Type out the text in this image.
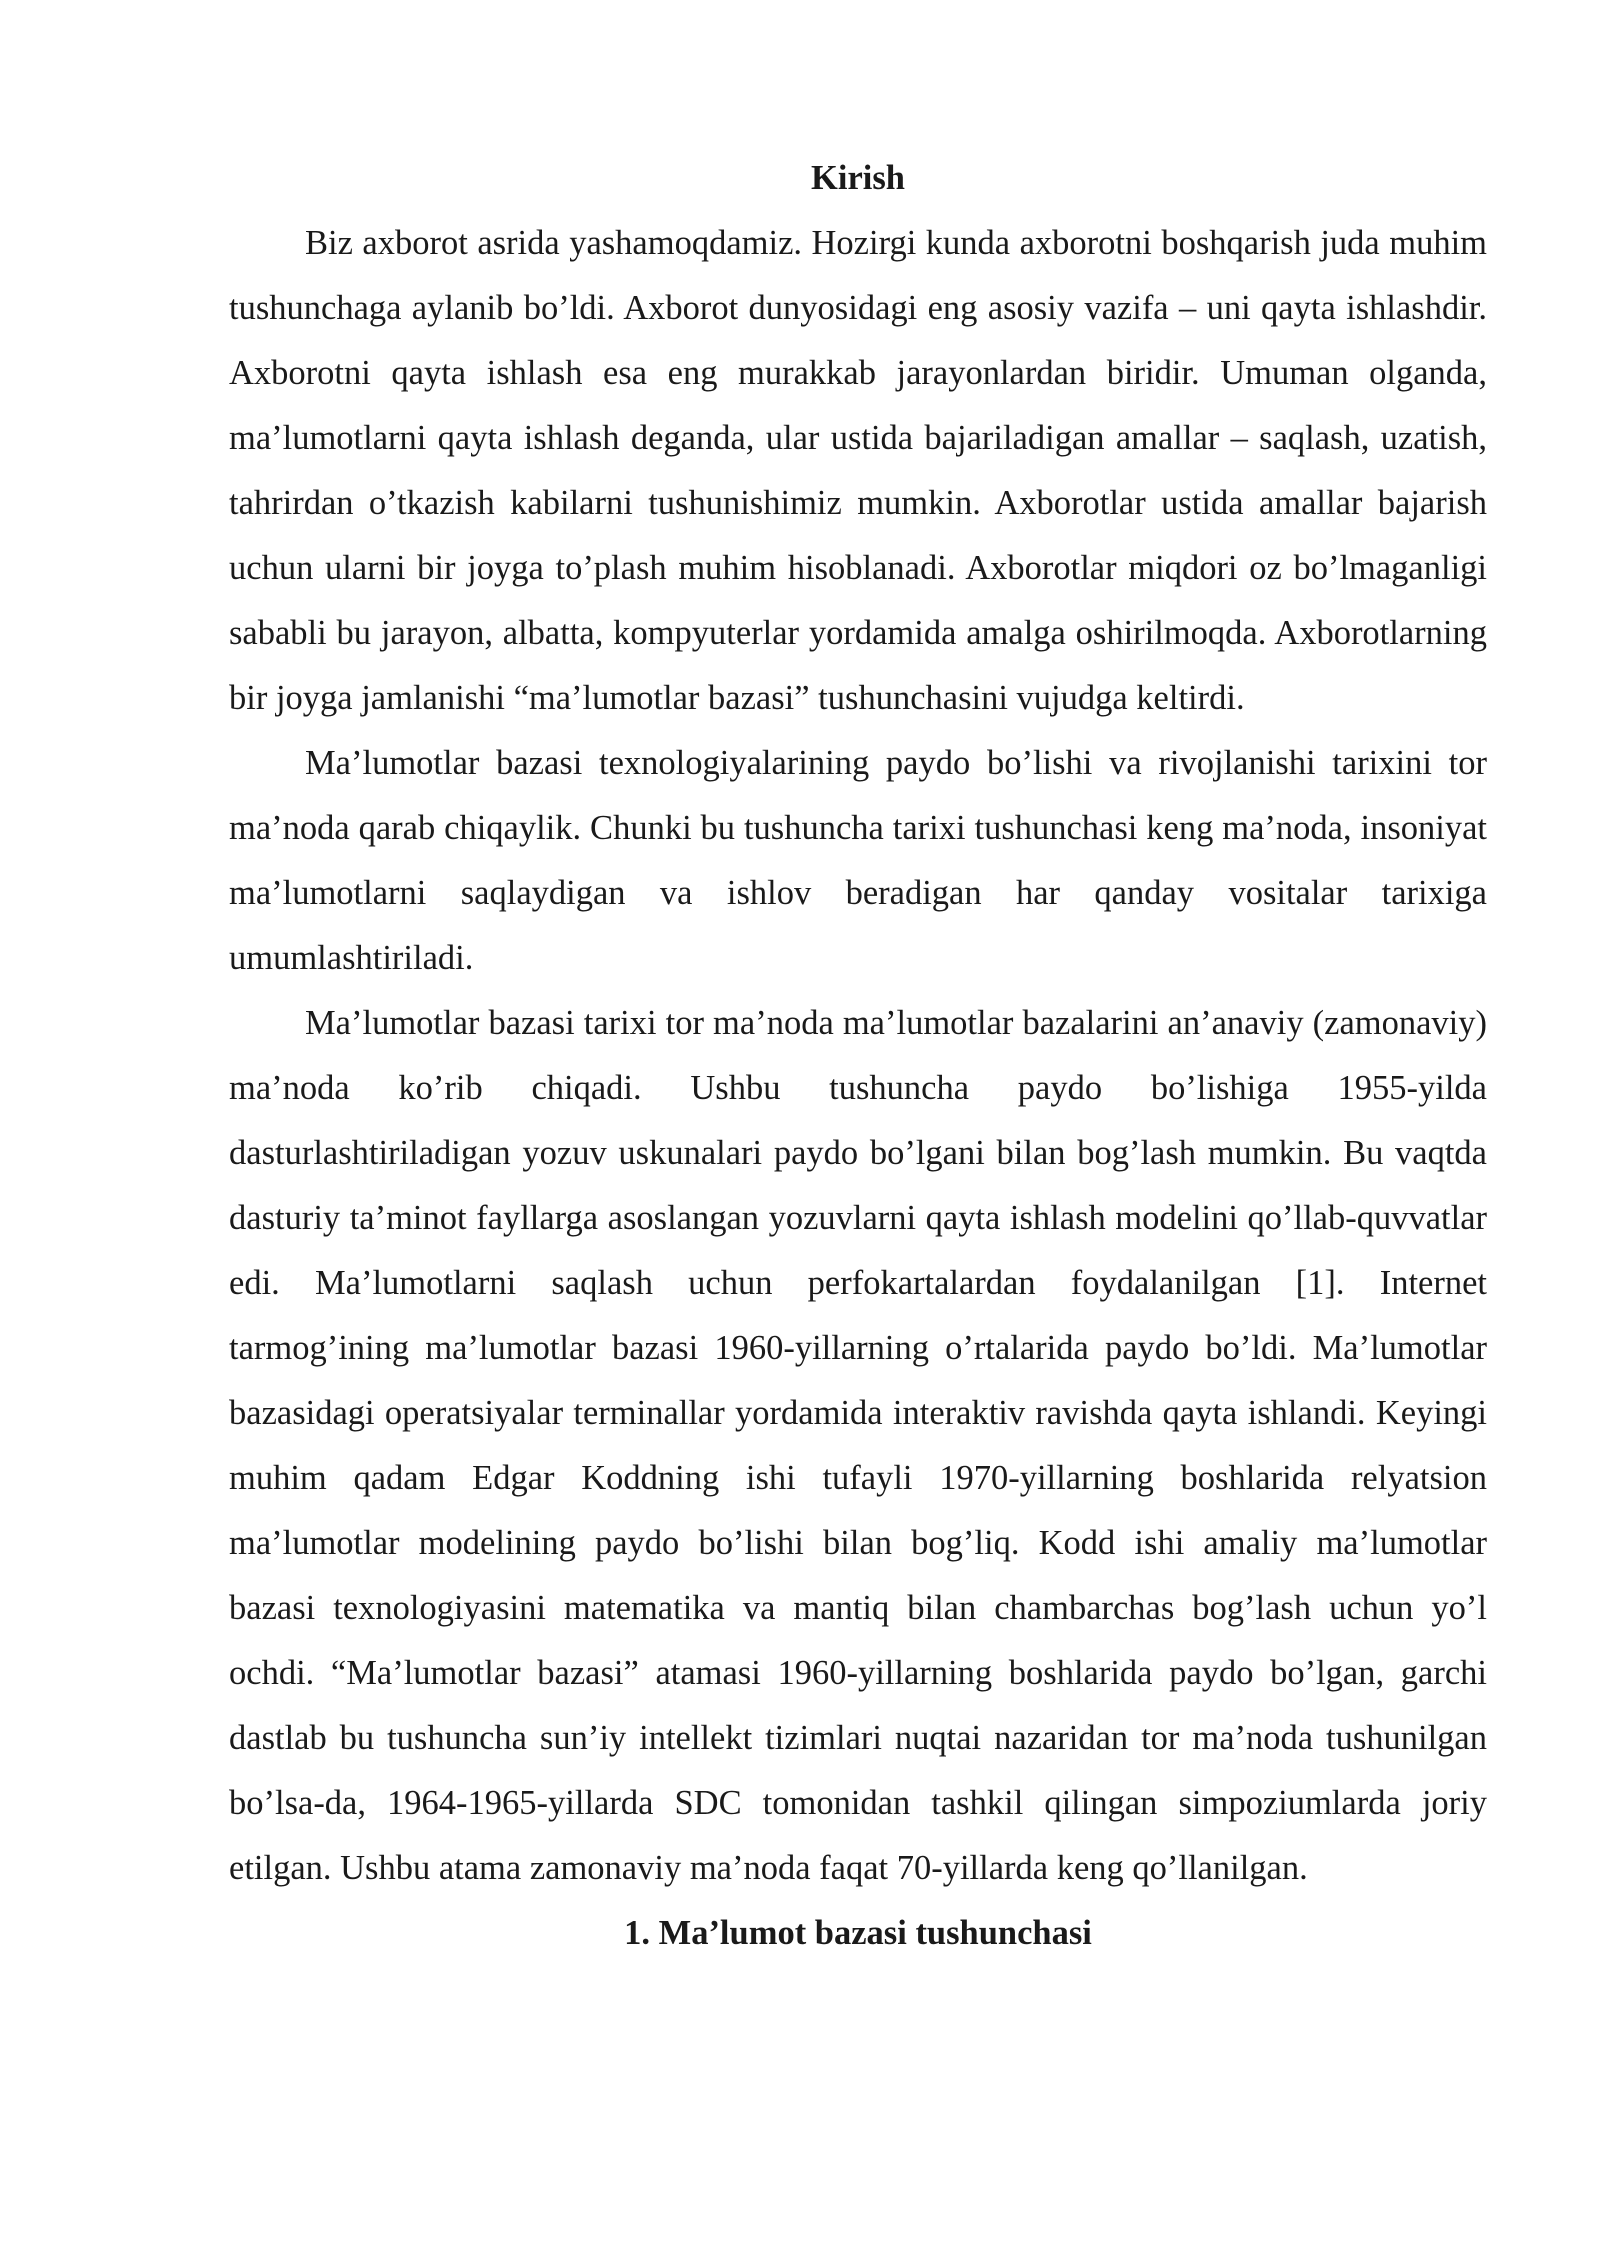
Kirish

Biz axborot asrida yashamoqdamiz. Hozirgi kunda axborotni boshqarish juda muhim tushunchaga aylanib bo’ldi. Axborot dunyosidagi eng asosiy vazifa – uni qayta ishlashdir. Axborotni qayta ishlash esa eng murakkab jarayonlardan biridir. Umuman olganda, ma’lumotlarni qayta ishlash deganda, ular ustida bajariladigan amallar – saqlash, uzatish, tahrirdan o’tkazish kabilarni tushunishimiz mumkin. Axborotlar ustida amallar bajarish uchun ularni bir joyga to’plash muhim hisoblanadi. Axborotlar miqdori oz bo’lmaganligi sababli bu jarayon, albatta, kompyuterlar yordamida amalga oshirilmoqda. Axborotlarning bir joyga jamlanishi “ma’lumotlar bazasi” tushunchasini vujudga keltirdi.

Ma’lumotlar bazasi texnologiyalarining paydo bo’lishi va rivojlanishi tarixini tor ma’noda qarab chiqaylik. Chunki bu tushuncha tarixi tushunchasi keng ma’noda, insoniyat ma’lumotlarni saqlaydigan va ishlov beradigan har qanday vositalar tarixiga umumlashtiriladi.

Ma’lumotlar bazasi tarixi tor ma’noda ma’lumotlar bazalarini an’anaviy (zamonaviy) ma’noda ko’rib chiqadi. Ushbu tushuncha paydo bo’lishiga 1955-yilda dasturlashtiriladigan yozuv uskunalari paydo bo’lgani bilan bog’lash mumkin. Bu vaqtda dasturiy ta’minot fayllarga asoslangan yozuvlarni qayta ishlash modelini qo’llab-quvvatlar edi. Ma’lumotlarni saqlash uchun perfokartalardan foydalanilgan [1]. Internet tarmog’ining ma’lumotlar bazasi 1960-yillarning o’rtalarida paydo bo’ldi. Ma’lumotlar bazasidagi operatsiyalar terminallar yordamida interaktiv ravishda qayta ishlandi. Keyingi muhim qadam Edgar Koddning ishi tufayli 1970-yillarning boshlarida relyatsion ma’lumotlar modelining paydo bo’lishi bilan bog’liq. Kodd ishi amaliy ma’lumotlar bazasi texnologiyasini matematika va mantiq bilan chambarchas bog’lash uchun yo’l ochdi. “Ma’lumotlar bazasi” atamasi 1960-yillarning boshlarida paydo bo’lgan, garchi dastlab bu tushuncha sun’iy intellekt tizimlari nuqtai nazaridan tor ma’noda tushunilgan bo’lsa-da, 1964-1965-yillarda SDC tomonidan tashkil qilingan simpoziumlarda joriy etilgan. Ushbu atama zamonaviy ma’noda faqat 70-yillarda keng qo’llanilgan.

1. Ma’lumot bazasi tushunchasi
